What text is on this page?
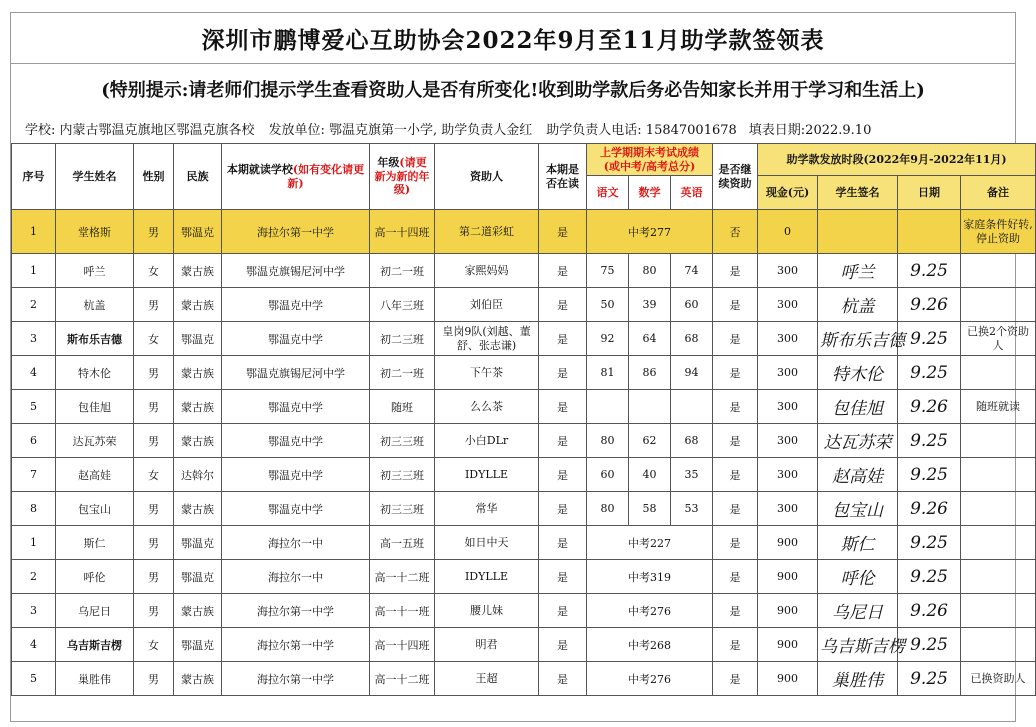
深圳市鹏博爱心互助协会2022年9月至11月助学款签领表
(特别提示:请老师们提示学生查看资助人是否有所变化!收到助学款后务必告知家长并用于学习和生活上)
学校: 内蒙古鄂温克旗地区鄂温克旗各校 发放单位: 鄂温克旗第一小学, 助学负责人金红 助学负责人电话: 15847001678 填表日期:2022.9.10
序号	学生姓名	性别	民族	本期就读学校(如有变化请更新)	年级(请更新为新的年级)	资助人	本期是否在读	上学期期末考试成绩
(或中考/高考总分)			是否继续资助	助学款发放时段(2022年9月-2022年11月)			
								语文	数学	英语		现金(元)	学生签名	日期	备注
1	堂格斯	男	鄂温克	海拉尔第一中学	高一十四班	第二道彩虹	是	中考277			否	0			家庭条件好转,停止资助
1	呼兰	女	蒙古族	鄂温克旗锡尼河中学	初二一班	家熙妈妈	是	75	80	74	是	300	呼兰	9.25	
2	杭盖	男	蒙古族	鄂温克中学	八年三班	刘伯臣	是	50	39	60	是	300	杭盖	9.26	
3	斯布乐吉德	女	鄂温克	鄂温克中学	初二三班	皇岗9队(刘越、董舒、张志谦)	是	92	64	68	是	300	斯布乐吉德	9.25	已换2个资助人
4	特木伦	男	蒙古族	鄂温克旗锡尼河中学	初二一班	下午茶	是	81	86	94	是	300	特木伦	9.25	
5	包佳旭	男	蒙古族	鄂温克中学	随班	么么茶	是				是	300	包佳旭	9.26	随班就读
6	达瓦苏荣	男	蒙古族	鄂温克中学	初三三班	小白DLr	是	80	62	68	是	300	达瓦苏荣	9.25	
7	赵高娃	女	达斡尔	鄂温克中学	初三三班	IDYLLE	是	60	40	35	是	300	赵高娃	9.25	
8	包宝山	男	蒙古族	鄂温克中学	初三三班	常华	是	80	58	53	是	300	包宝山	9.26	
1	斯仁	男	鄂温克	海拉尔一中	高一五班	如日中天	是	中考227			是	900	斯仁	9.25	
2	呼伦	男	鄂温克	海拉尔一中	高一十二班	IDYLLE	是	中考319			是	900	呼伦	9.25	
3	乌尼日	男	蒙古族	海拉尔第一中学	高一十一班	腰儿妹	是	中考276			是	900	乌尼日	9.26	
4	乌吉斯吉楞	女	鄂温克	海拉尔第一中学	高一十四班	明君	是	中考268			是	900	乌吉斯吉楞	9.25	
5	巢胜伟	男	蒙古族	海拉尔第一中学	高一十二班	王超	是	中考276			是	900	巢胜伟	9.25	已换资助人
